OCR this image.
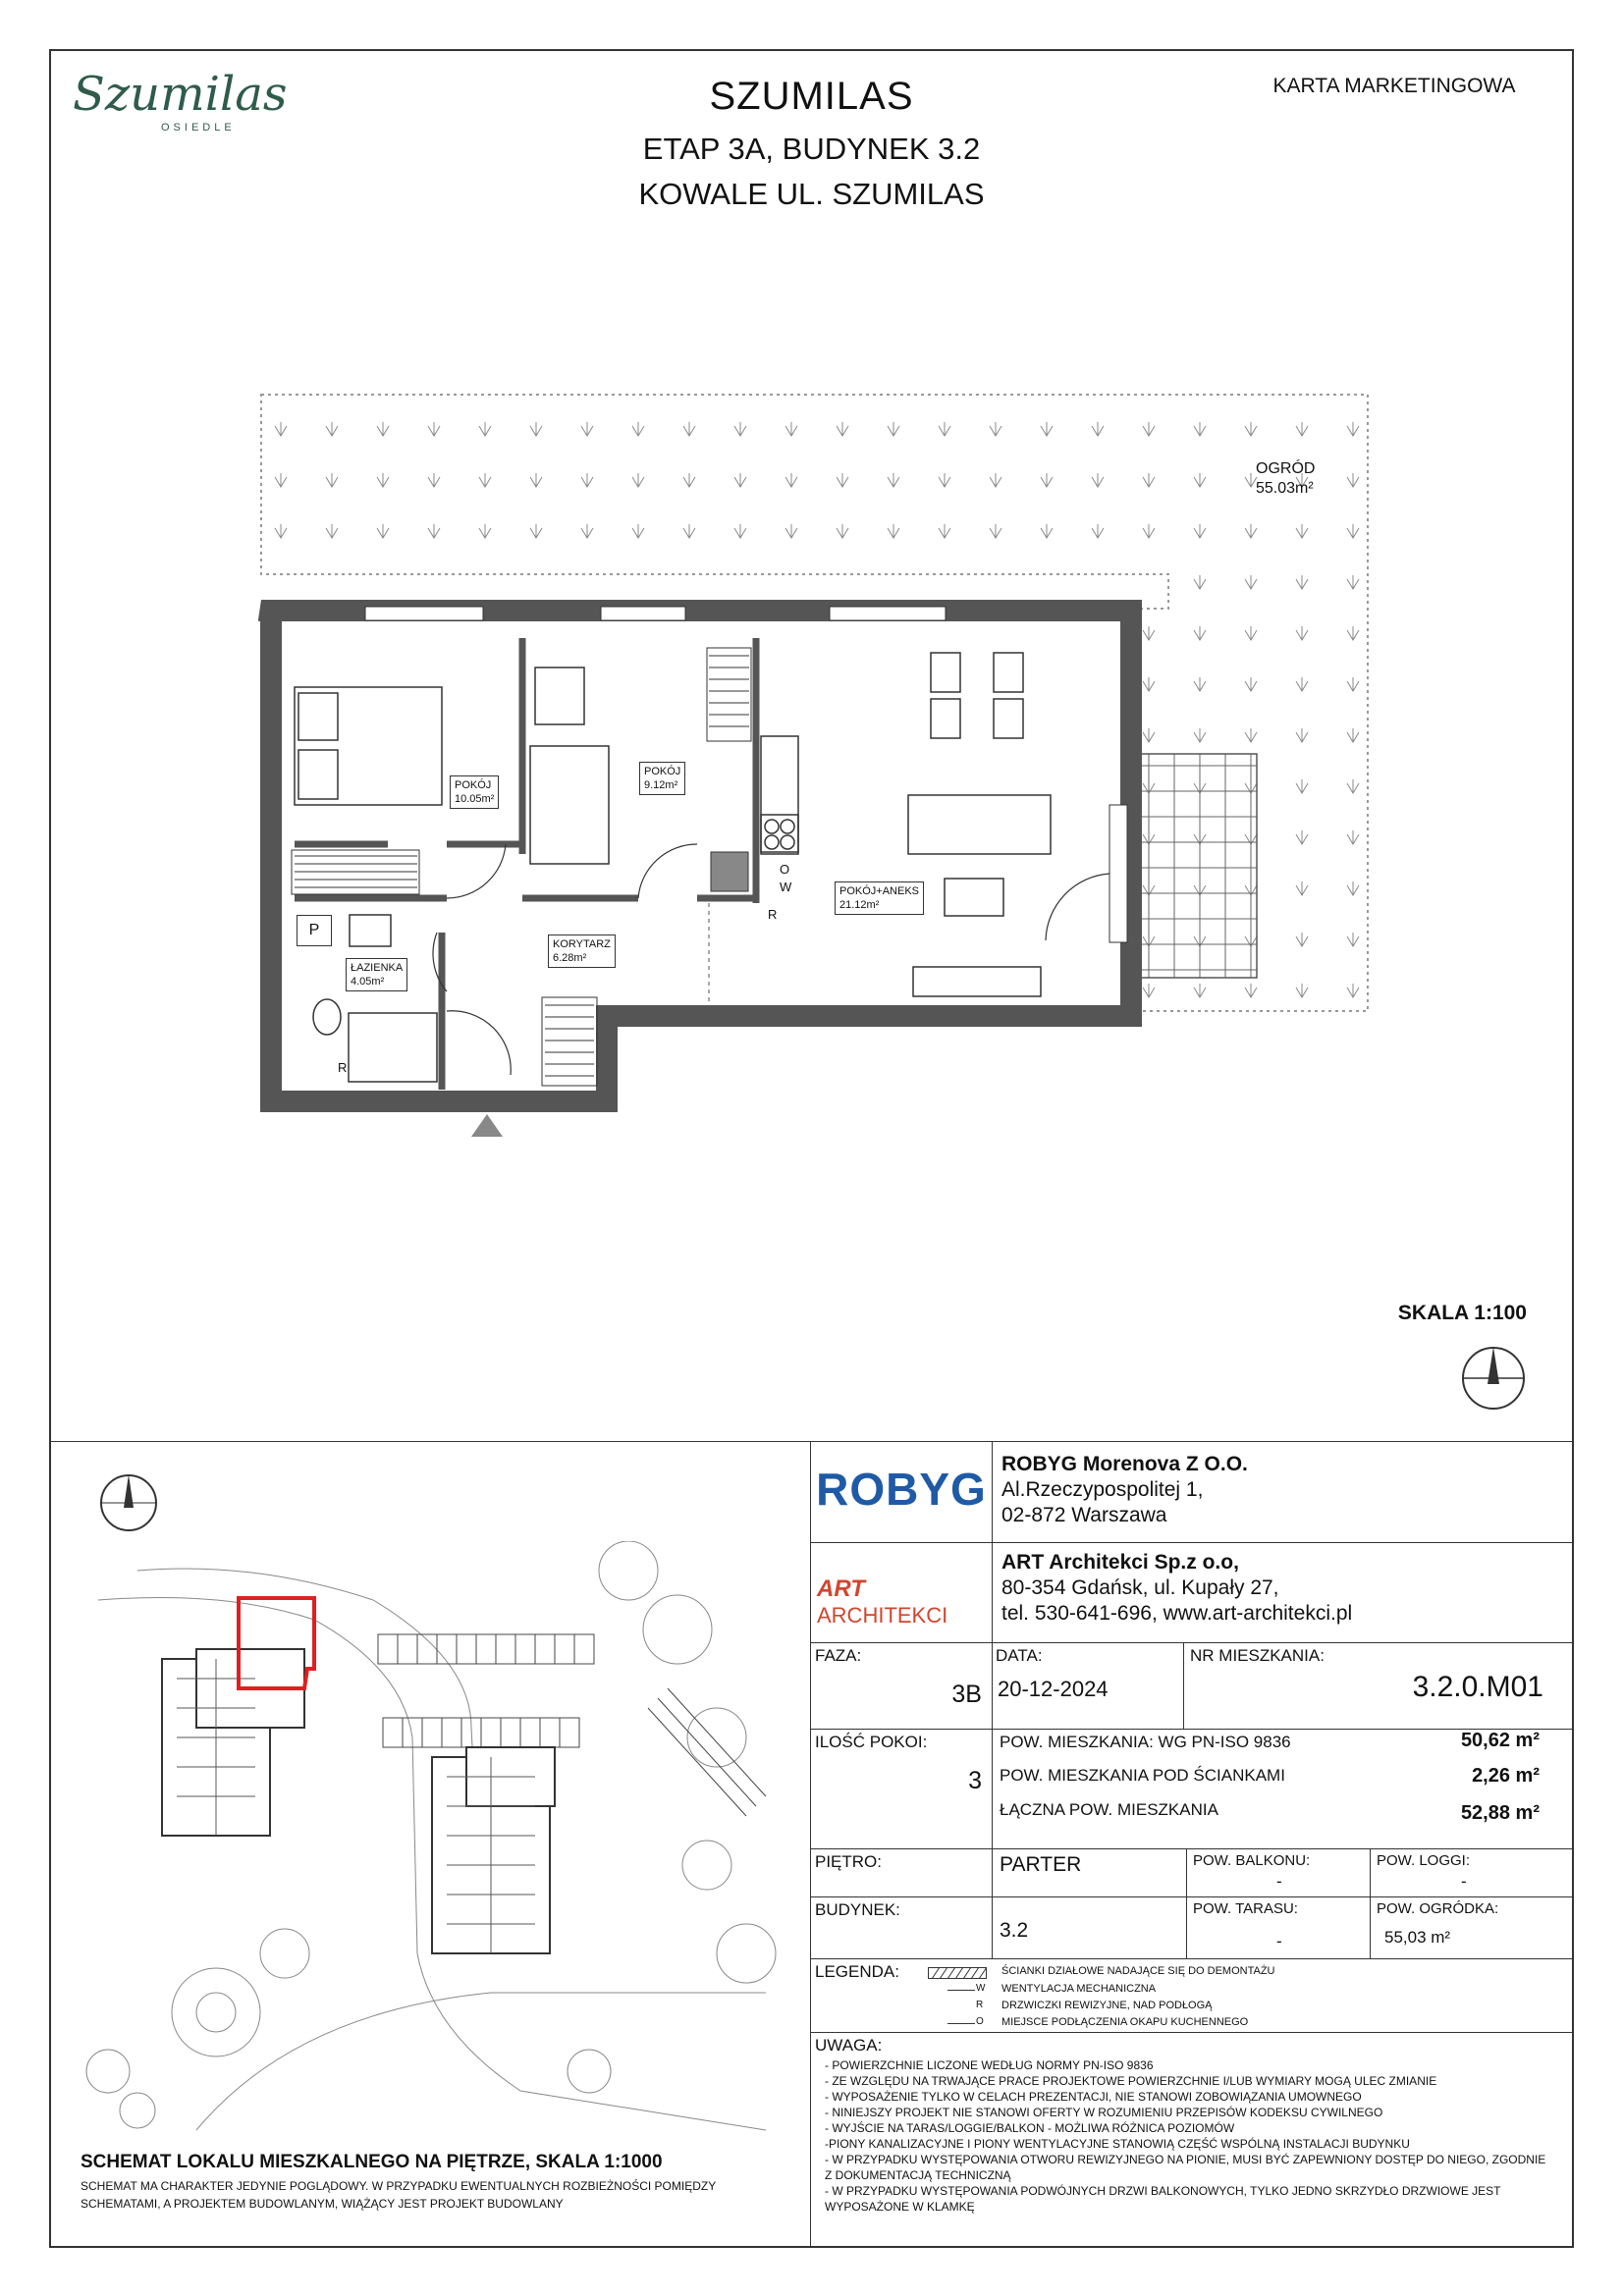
Szumilas
OSIEDLE
SZUMILAS
ETAP 3A, BUDYNEK 3.2
KOWALE UL. SZUMILAS
KARTA MARKETINGOWA
OGRÓD
55.03m²
POKÓJ
10.05m²
POKÓJ
9.12m²
POKÓJ+ANEKS
21.12m²
KORYTARZ
6.28m²
ŁAZIENKA
4.05m²
P
O
W
R
R
SKALA 1:100
SCHEMAT LOKALU MIESZKALNEGO NA PIĘTRZE, SKALA 1:1000
SCHEMAT MA CHARAKTER JEDYNIE POGLĄDOWY. W PRZYPADKU EWENTUALNYCH ROZBIEŻNOŚCI POMIĘDZY
SCHEMATAMI, A PROJEKTEM BUDOWLANYM, WIĄŻĄCY JEST PROJEKT BUDOWLANY
ROBYG ROBYG Morenova Z O.O.
Al.Rzeczypospolitej 1,
02-872 Warszawa
ART ARCHITEKCI
ART Architekci Sp.z o.o,
80-354 Gdańsk, ul. Kupały 27,
tel. 530-641-696, www.art-architekci.pl
FAZA:
3B
DATA:
20-12-2024
NR MIESZKANIA:
3.2.0.M01
ILOŚĆ POKOI:
3
POW. MIESZKANIA: WG PN-ISO 9836	50,62 m²
POW. MIESZKANIA POD ŚCIANKAMI	2,26 m²
ŁĄCZNA POW. MIESZKANIA	52,88 m²
PIĘTRO:	PARTER	POW. BALKONU:
-
POW. LOGGI:
-
BUDYNEK:
3.2
POW. TARASU:
-
POW. OGRÓDKA:
55,03 m²
LEGENDA:	ŚCIANKI DZIAŁOWE NADAJĄCE SIĘ DO DEMONTAŻU
W WENTYLACJA MECHANICZNA
R DRZWICZKI REWIZYJNE, NAD PODŁOGĄ
O MIEJSCE PODŁĄCZENIA OKAPU KUCHENNEGO
UWAGA:
- POWIERZCHNIE LICZONE WEDŁUG NORMY PN-ISO 9836
- ZE WZGLĘDU NA TRWAJĄCE PRACE PROJEKTOWE POWIERZCHNIE I/LUB WYMIARY MOGĄ ULEC ZMIANIE
- WYPOSAŻENIE TYLKO W CELACH PREZENTACJI, NIE STANOWI ZOBOWIĄZANIA UMOWNEGO
- NINIEJSZY PROJEKT NIE STANOWI OFERTY W ROZUMIENIU PRZEPISÓW KODEKSU CYWILNEGO
- WYJŚCIE NA TARAS/LOGGIE/BALKON - MOŻLIWA RÓŻNICA POZIOMÓW
-PIONY KANALIZACYJNE I PIONY WENTYLACYJNE STANOWIĄ CZĘŚĆ WSPÓLNĄ INSTALACJI BUDYNKU
- W PRZYPADKU WYSTĘPOWANIA OTWORU REWIZYJNEGO NA PIONIE, MUSI BYĆ ZAPEWNIONY DOSTĘP DO NIEGO, ZGODNIE Z DOKUMENTACJĄ TECHNICZNĄ
- W PRZYPADKU WYSTĘPOWANIA PODWÓJNYCH DRZWI BALKONOWYCH, TYLKO JEDNO SKRZYDŁO DRZWIOWE JEST WYPOSAŻONE W KLAMKĘ
